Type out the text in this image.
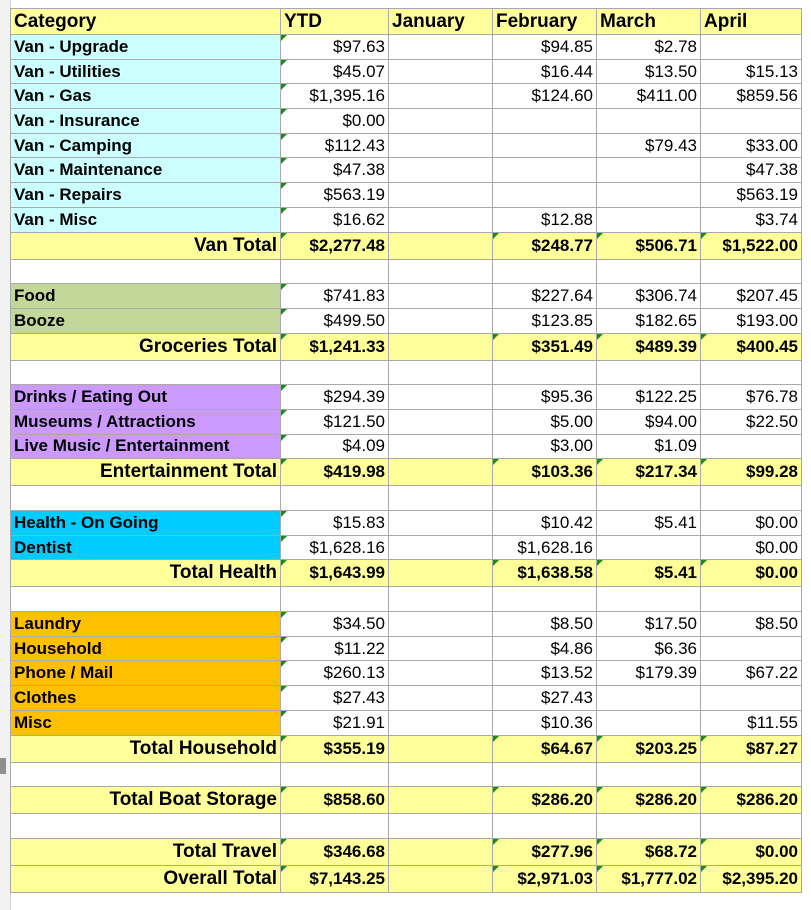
Category	YTD	January	February	March	April
Van - Upgrade	$97.63		$94.85	$2.78	
Van - Utilities	$45.07		$16.44	$13.50	$15.13
Van - Gas	$1,395.16		$124.60	$411.00	$859.56
Van - Insurance	$0.00				
Van - Camping	$112.43			$79.43	$33.00
Van - Maintenance	$47.38				$47.38
Van - Repairs	$563.19				$563.19
Van - Misc	$16.62		$12.88		$3.74
Van Total	$2,277.48		$248.77	$506.71	$1,522.00

Food	$741.83		$227.64	$306.74	$207.45
Booze	$499.50		$123.85	$182.65	$193.00
Groceries Total	$1,241.33		$351.49	$489.39	$400.45

Drinks / Eating Out	$294.39		$95.36	$122.25	$76.78
Museums / Attractions	$121.50		$5.00	$94.00	$22.50
Live Music / Entertainment	$4.09		$3.00	$1.09	
Entertainment Total	$419.98		$103.36	$217.34	$99.28

Health - On Going	$15.83		$10.42	$5.41	$0.00
Dentist	$1,628.16		$1,628.16		$0.00
Total Health	$1,643.99		$1,638.58	$5.41	$0.00

Laundry	$34.50		$8.50	$17.50	$8.50
Household	$11.22		$4.86	$6.36	
Phone / Mail	$260.13		$13.52	$179.39	$67.22
Clothes	$27.43		$27.43		
Misc	$21.91		$10.36		$11.55
Total Household	$355.19		$64.67	$203.25	$87.27

Total Boat Storage	$858.60		$286.20	$286.20	$286.20

Total Travel	$346.68		$277.96	$68.72	$0.00
Overall Total	$7,143.25		$2,971.03	$1,777.02	$2,395.20
